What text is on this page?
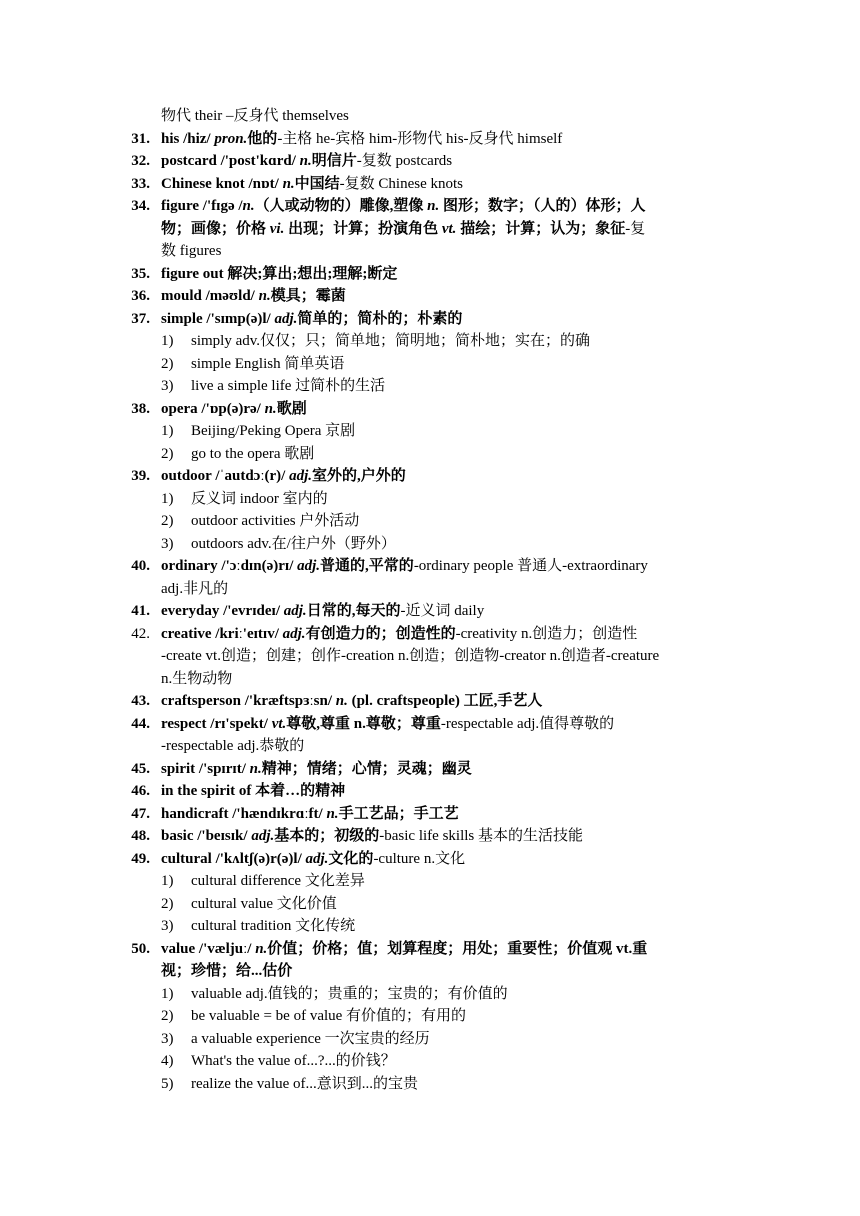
物代 their –反身代 themselves
31. his /hiz/ pron.他的-主格 he-宾格 him-形物代 his-反身代 himself
32. postcard /'post'kɑrd/ n.明信片-复数 postcards
33. Chinese knot /nɒt/ n.中国结-复数 Chinese knots
34. figure /'fɪgə /n.（人或动物的）雕像,塑像 n. 图形；数字；（人的）体形；人
物；画像；价格 vi. 出现；计算；扮演角色 vt. 描绘；计算；认为；象征-复
数 figures
35. figure out 解决;算出;想出;理解;断定
36. mould /məʊld/ n.模具；霉菌
37. simple /'sɪmp(ə)l/ adj.简单的；简朴的；朴素的
1) simply adv.仅仅；只；简单地；简明地；简朴地；实在；的确
2) simple English 简单英语
3) live a simple life 过简朴的生活
38. opera /'ɒp(ə)rə/ n.歌剧
1) Beijing/Peking Opera 京剧
2) go to the opera 歌剧
39. outdoor /ˈautdɔː(r)/ adj.室外的,户外的
1) 反义词 indoor 室内的
2) outdoor activities 户外活动
3) outdoors adv.在/往户外（野外）
40. ordinary /'ɔːdɪn(ə)rɪ/ adj.普通的,平常的-ordinary people 普通人-extraordinary
adj.非凡的
41. everyday /'evrɪdeɪ/ adj.日常的,每天的-近义词 daily
42. creative /kriː'eɪtɪv/ adj.有创造力的；创造性的-creativity n.创造力；创造性
-create vt.创造；创建；创作-creation n.创造；创造物-creator n.创造者-creature
n.生物动物
43. craftsperson /'kræftspɜːsn/ n. (pl. craftspeople) 工匠,手艺人
44. respect /rɪ'spekt/ vt.尊敬,尊重 n.尊敬；尊重-respectable adj.值得尊敬的
-respectable adj.恭敬的
45. spirit /'spɪrɪt/ n.精神；情绪；心情；灵魂；幽灵
46. in the spirit of 本着…的精神
47. handicraft /'hændɪkrɑːft/ n.手工艺品；手工艺
48. basic /'beɪsɪk/ adj.基本的；初级的-basic life skills 基本的生活技能
49. cultural /'kʌltʃ(ə)r(ə)l/ adj.文化的-culture n.文化
1) cultural difference 文化差异
2) cultural value 文化价值
3) cultural tradition 文化传统
50. value /'væljuː/ n.价值；价格；值；划算程度；用处；重要性；价值观 vt.重
视；珍惜；给...估价
1) valuable adj.值钱的；贵重的；宝贵的；有价值的
2) be valuable = be of value 有价值的；有用的
3) a valuable experience 一次宝贵的经历
4) What's the value of...?...的价钱？
5) realize the value of...意识到...的宝贵
